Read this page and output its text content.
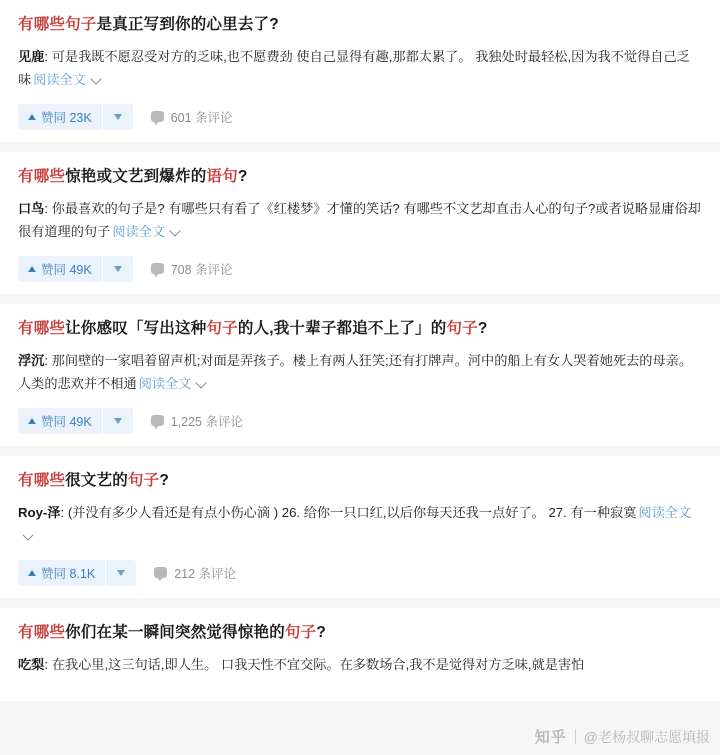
有哪些句子是真正写到你的心里去了?
见鹿: 可是我既不愿忍受对方的乏味,也不愿费劲 使自己显得有趣,那都太累了。 我独处时最轻松,因为我不觉得自己乏味 阅读全文
赞同 23K	601 条评论
有哪些惊艳或文艺到爆炸的语句?
口鸟: 你最喜欢的句子是? 有哪些只有看了《红楼梦》才懂的笑话? 有哪些不文艺却直击人心的句子?或者说略显庸俗却很有道理的句子 阅读全文
赞同 49K	708 条评论
有哪些让你感叹「写出这种句子的人,我十辈子都追不上了」的句子?
浮沉: 那间壁的一家唱着留声机;对面是弄孩子。楼上有两人狂笑;还有打牌声。河中的船上有女人哭着她死去的母亲。 人类的悲欢并不相通 阅读全文
赞同 49K	1,225 条评论
有哪些很文艺的句子?
Roy-泽: (并没有多少人看还是有点小伤心滴 ) 26. 给你一只口红,以后你每天还我一点好了。 27. 有一种寂寞 阅读全文
赞同 8.1K	212 条评论
有哪些你们在某一瞬间突然觉得惊艳的句子?
吃梨: 在我心里,这三句话,即人生。 口我天性不宜交际。在多数场合,我不是觉得对方乏味,就是害怕
知乎 @老杨叔聊志愿填报
